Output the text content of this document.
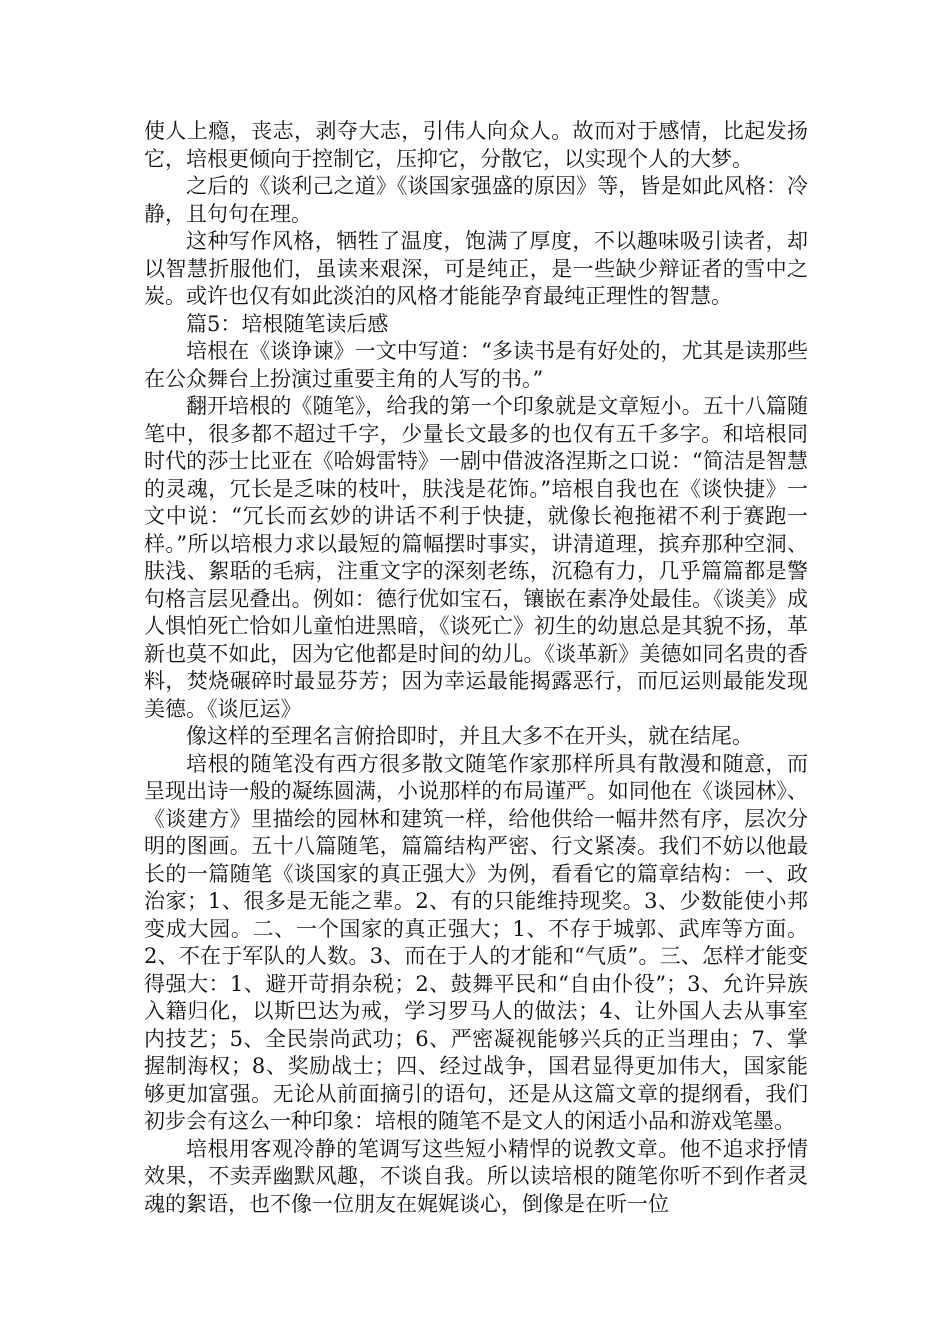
使人上瘾，丧志，剥夺大志，引伟人向众人。故而对于感情，比起发扬它，培根更倾向于控制它，压抑它，分散它，以实现个人的大梦。

之后的《谈利己之道》《谈国家强盛的原因》等，皆是如此风格：冷静，且句句在理。

这种写作风格，牺牲了温度，饱满了厚度，不以趣味吸引读者，却以智慧折服他们，虽读来艰深，可是纯正，是一些缺少辩证者的雪中之炭。或许也仅有如此淡泊的风格才能能孕育最纯正理性的智慧。

篇5：培根随笔读后感

培根在《谈诤谏》一文中写道：“多读书是有好处的，尤其是读那些在公众舞台上扮演过重要主角的人写的书。”

翻开培根的《随笔》，给我的第一个印象就是文章短小。五十八篇随笔中，很多都不超过千字，少量长文最多的也仅有五千多字。和培根同时代的莎士比亚在《哈姆雷特》一剧中借波洛涅斯之口说：“简洁是智慧的灵魂，冗长是乏味的枝叶，肤浅是花饰。”培根自我也在《谈快捷》一文中说：“冗长而玄妙的讲话不利于快捷，就像长袍拖裙不利于赛跑一样。”所以培根力求以最短的篇幅摆时事实，讲清道理，摈弃那种空洞、肤浅、絮聒的毛病，注重文字的深刻老练，沉稳有力，几乎篇篇都是警句格言层见叠出。例如：德行优如宝石，镶嵌在素净处最佳。《谈美》成人惧怕死亡恰如儿童怕进黑暗，《谈死亡》初生的幼崽总是其貌不扬，革新也莫不如此，因为它他都是时间的幼儿。《谈革新》美德如同名贵的香料，焚烧碾碎时最显芬芳；因为幸运最能揭露恶行，而厄运则最能发现美德。《谈厄运》

像这样的至理名言俯拾即时，并且大多不在开头，就在结尾。

培根的随笔没有西方很多散文随笔作家那样所具有散漫和随意，而呈现出诗一般的凝练圆满，小说那样的布局谨严。如同他在《谈园林》、《谈建方》里描绘的园林和建筑一样，给他供给一幅井然有序，层次分明的图画。五十八篇随笔，篇篇结构严密、行文紧凑。我们不妨以他最长的一篇随笔《谈国家的真正强大》为例，看看它的篇章结构：一、政治家；1、很多是无能之辈。2、有的只能维持现奖。3、少数能使小邦变成大园。二、一个国家的真正强大；1、不存于城郭、武库等方面。2、不在于军队的人数。3、而在于人的才能和“气质”。三、怎样才能变得强大：1、避开苛捐杂税；2、鼓舞平民和“自由仆役”；3、允许异族入籍归化，以斯巴达为戒，学习罗马人的做法；4、让外国人去从事室内技艺；5、全民崇尚武功；6、严密凝视能够兴兵的正当理由；7、掌握制海权；8、奖励战士；四、经过战争，国君显得更加伟大，国家能够更加富强。无论从前面摘引的语句，还是从这篇文章的提纲看，我们初步会有这么一种印象：培根的随笔不是文人的闲适小品和游戏笔墨。

培根用客观冷静的笔调写这些短小精悍的说教文章。他不追求抒情效果，不卖弄幽默风趣，不谈自我。所以读培根的随笔你听不到作者灵魂的絮语，也不像一位朋友在娓娓谈心，倒像是在听一位
